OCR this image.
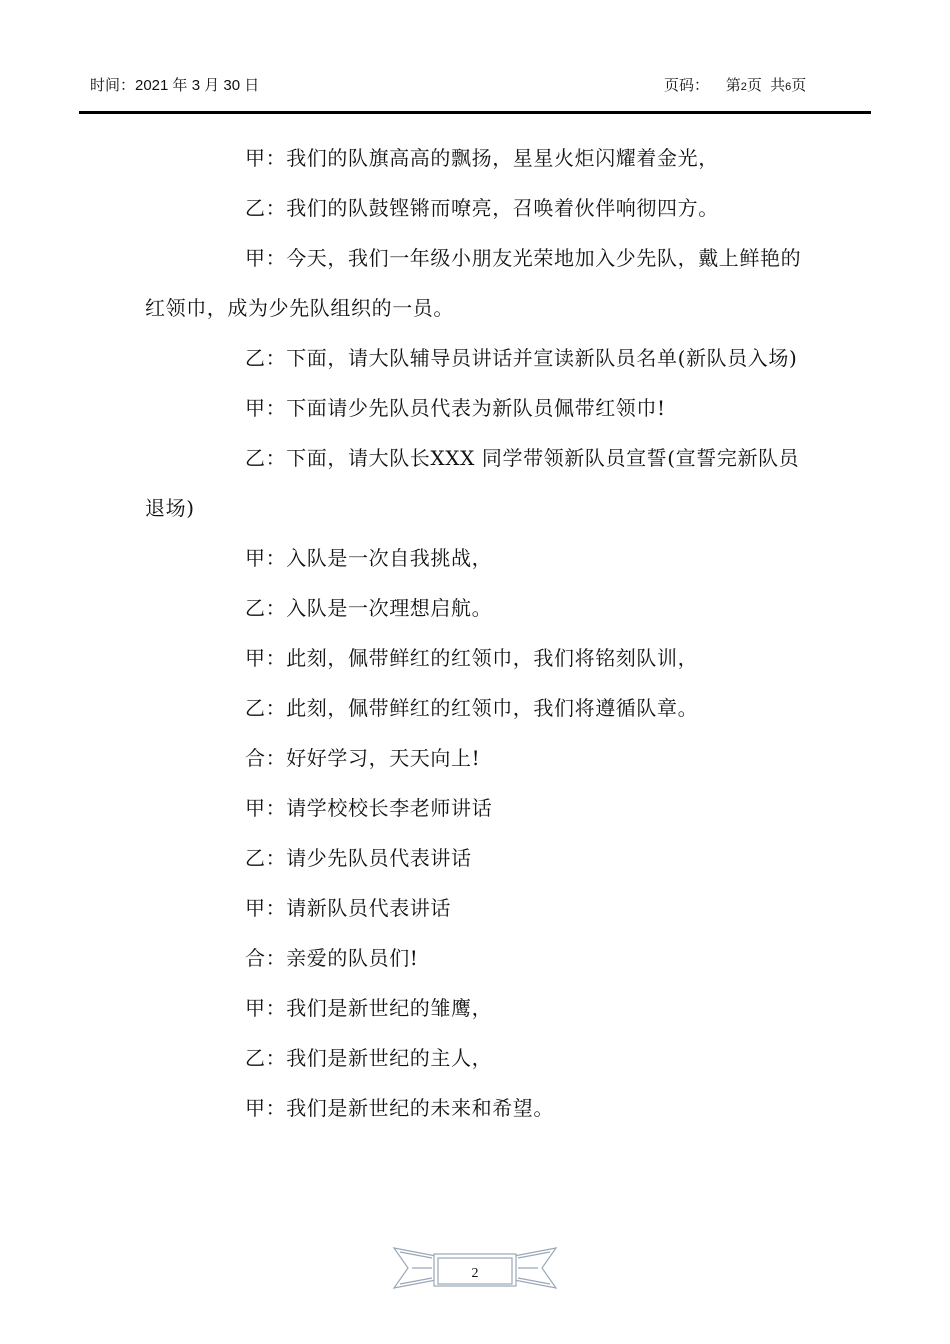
时间：2021 年 3 月 30 日	页码： 第2页  共6页

甲：我们的队旗高高的飘扬，星星火炬闪耀着金光，

乙：我们的队鼓铿锵而嘹亮，召唤着伙伴响彻四方。

甲：今天，我们一年级小朋友光荣地加入少先队，戴上鲜艳的红领巾，成为少先队组织的一员。

乙：下面，请大队辅导员讲话并宣读新队员名单(新队员入场)

甲：下面请少先队员代表为新队员佩带红领巾!

乙：下面，请大队长XXX 同学带领新队员宣誓(宣誓完新队员退场)

甲：入队是一次自我挑战，

乙：入队是一次理想启航。

甲：此刻，佩带鲜红的红领巾，我们将铭刻队训，

乙：此刻，佩带鲜红的红领巾，我们将遵循队章。

合：好好学习，天天向上!

甲：请学校校长李老师讲话

乙：请少先队员代表讲话

甲：请新队员代表讲话

合：亲爱的队员们!

甲：我们是新世纪的雏鹰，

乙：我们是新世纪的主人，

甲：我们是新世纪的未来和希望。

2
